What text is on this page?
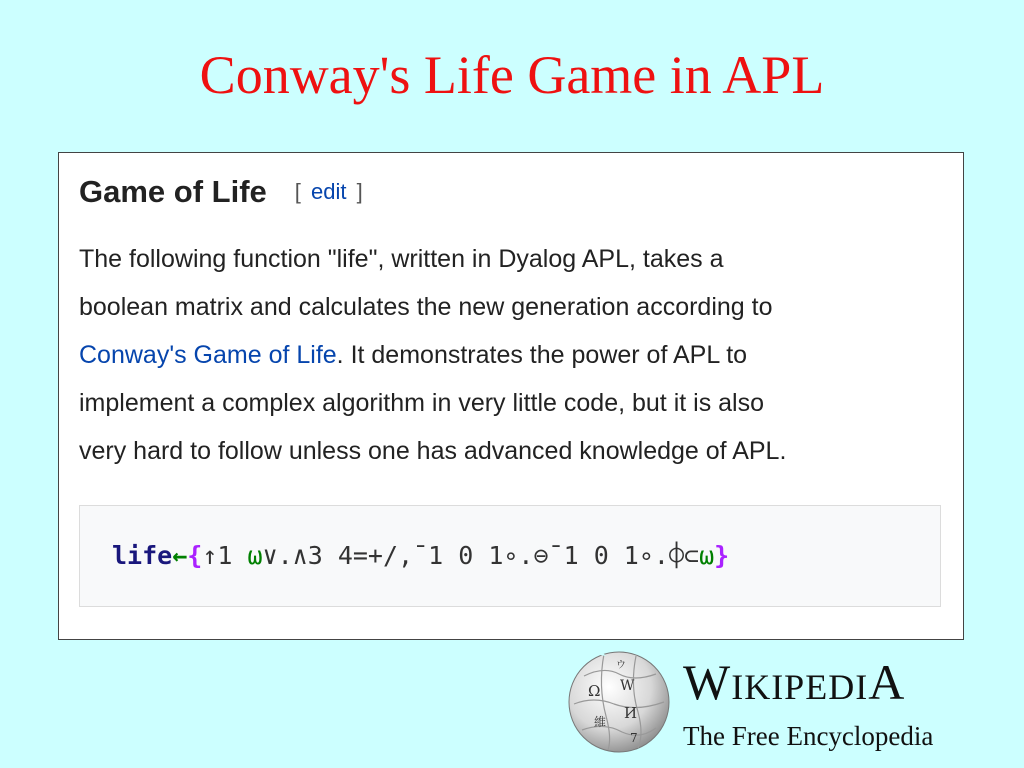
Conway's Life Game in APL
Game of Life [ edit ]
The following function "life", written in Dyalog APL, takes a
boolean matrix and calculates the new generation according to
Conway's Game of Life. It demonstrates the power of APL to
implement a complex algorithm in very little code, but it is also
very hard to follow unless one has advanced knowledge of APL.
life←{↑1 ω∨.∧3 4=+/,¯1 0 1∘.⊖¯1 0 1∘.⌽⊂ω}
Ω W
И
維
ウ
7
WIKIPEDIA
The Free Encyclopedia
